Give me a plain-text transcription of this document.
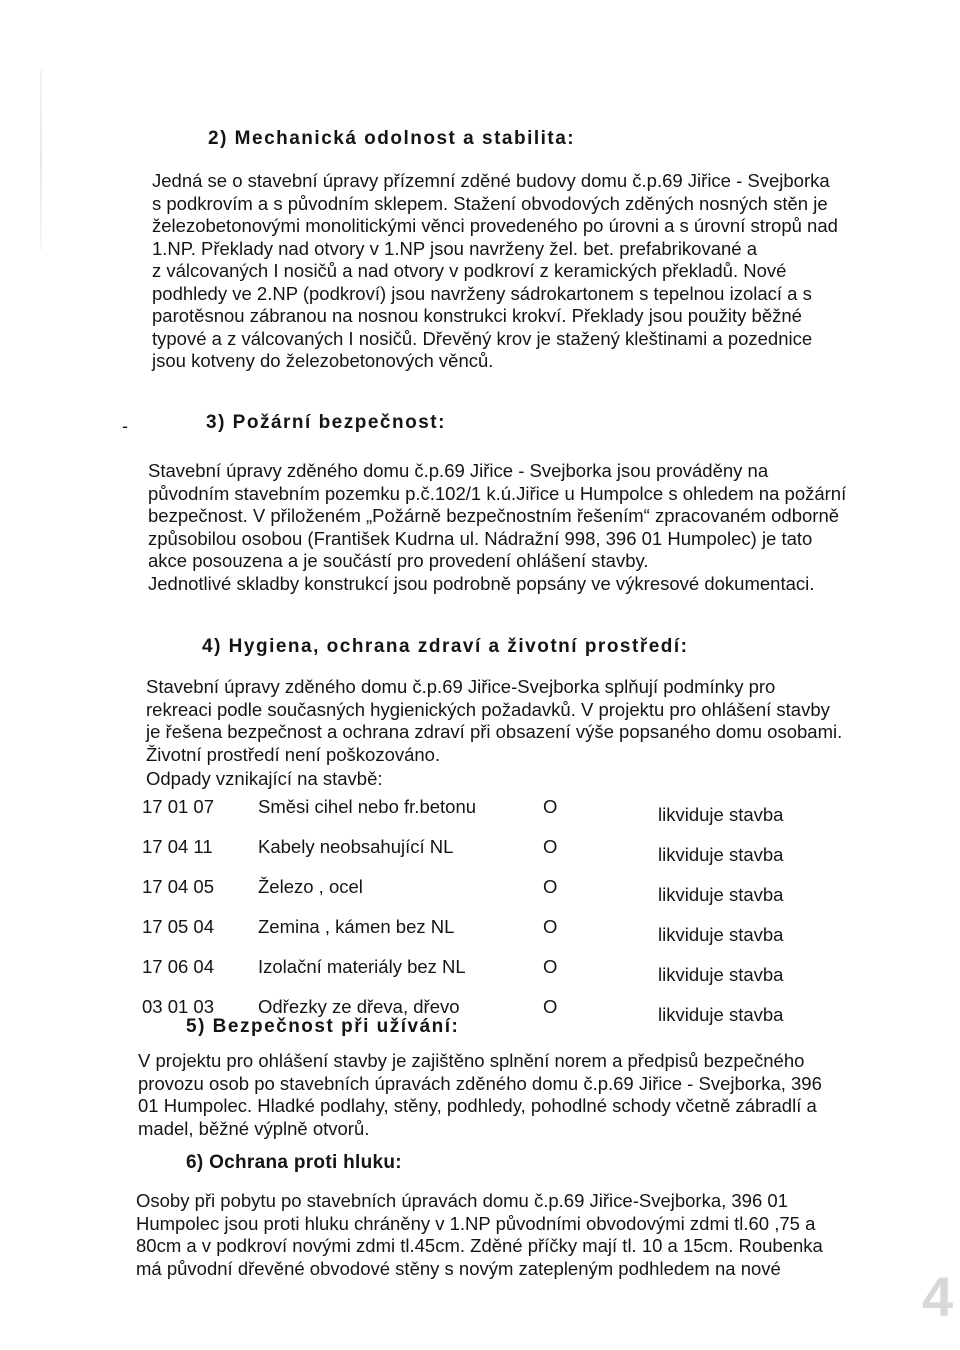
2) Mechanická odolnost a stabilita:
Jedná se o stavební úpravy přízemní zděné budovy domu č.p.69 Jiřice - Svejborka
s podkrovím a s původním sklepem. Stažení obvodových zděných nosných stěn je
železobetonovými monolitickými věnci provedeného po úrovni a s úrovní stropů nad
1.NP. Překlady nad otvory v 1.NP jsou navrženy žel. bet. prefabrikované a
z válcovaných I nosičů a nad otvory v podkroví z keramických překladů. Nové
podhledy ve 2.NP (podkroví) jsou navrženy sádrokartonem s tepelnou izolací a s
parotěsnou zábranou na nosnou konstrukci krokví. Překlady jsou použity běžné
typové a z válcovaných I nosičů. Dřevěný krov je stažený kleštinami a pozednice
jsou kotveny do železobetonových věnců.
-	3) Požární bezpečnost:
Stavební úpravy zděného domu č.p.69 Jiřice - Svejborka jsou prováděny na
původním stavebním pozemku p.č.102/1 k.ú.Jiřice u Humpolce s ohledem na požární
bezpečnost. V přiloženém „Požárně bezpečnostním řešením“ zpracovaném odborně
způsobilou osobou (František Kudrna ul. Nádražní 998, 396 01 Humpolec) je tato
akce posouzena a je součástí pro provedení ohlášení stavby.
Jednotlivé skladby konstrukcí jsou podrobně popsány ve výkresové dokumentaci.
4) Hygiena, ochrana zdraví a životní prostředí:
Stavební úpravy zděného domu č.p.69 Jiřice-Svejborka splňují podmínky pro
rekreaci podle současných hygienických požadavků. V projektu pro ohlášení stavby
je řešena bezpečnost a ochrana zdraví při obsazení výše popsaného domu osobami.
Životní prostředí není poškozováno.
Odpady vznikající na stavbě:
17 01 07	Směsi cihel nebo fr.betonu	O	likviduje stavba
17 04 11	Kabely neobsahující NL	O	likviduje stavba
17 04 05	Železo , ocel	O	likviduje stavba
17 05 04	Zemina , kámen bez NL	O	likviduje stavba
17 06 04	Izolační materiály bez NL	O	likviduje stavba
03 01 03	Odřezky ze dřeva, dřevo	O	likviduje stavba
5) Bezpečnost při užívání:
V projektu pro ohlášení stavby je zajištěno splnění norem a předpisů bezpečného
provozu osob po stavebních úpravách zděného domu č.p.69 Jiřice - Svejborka, 396
01 Humpolec. Hladké podlahy, stěny, podhledy, pohodlné schody včetně zábradlí a
madel, běžné výplně otvorů.
6) Ochrana proti hluku:
Osoby při pobytu po stavebních úpravách domu č.p.69 Jiřice-Svejborka, 396 01
Humpolec jsou proti hluku chráněny v 1.NP původními obvodovými zdmi tl.60 ,75 a
80cm a v podkroví novými zdmi tl.45cm. Zděné příčky mají tl. 10 a 15cm. Roubenka
má původní dřevěné obvodové stěny s novým zatepleným podhledem na nové	4
